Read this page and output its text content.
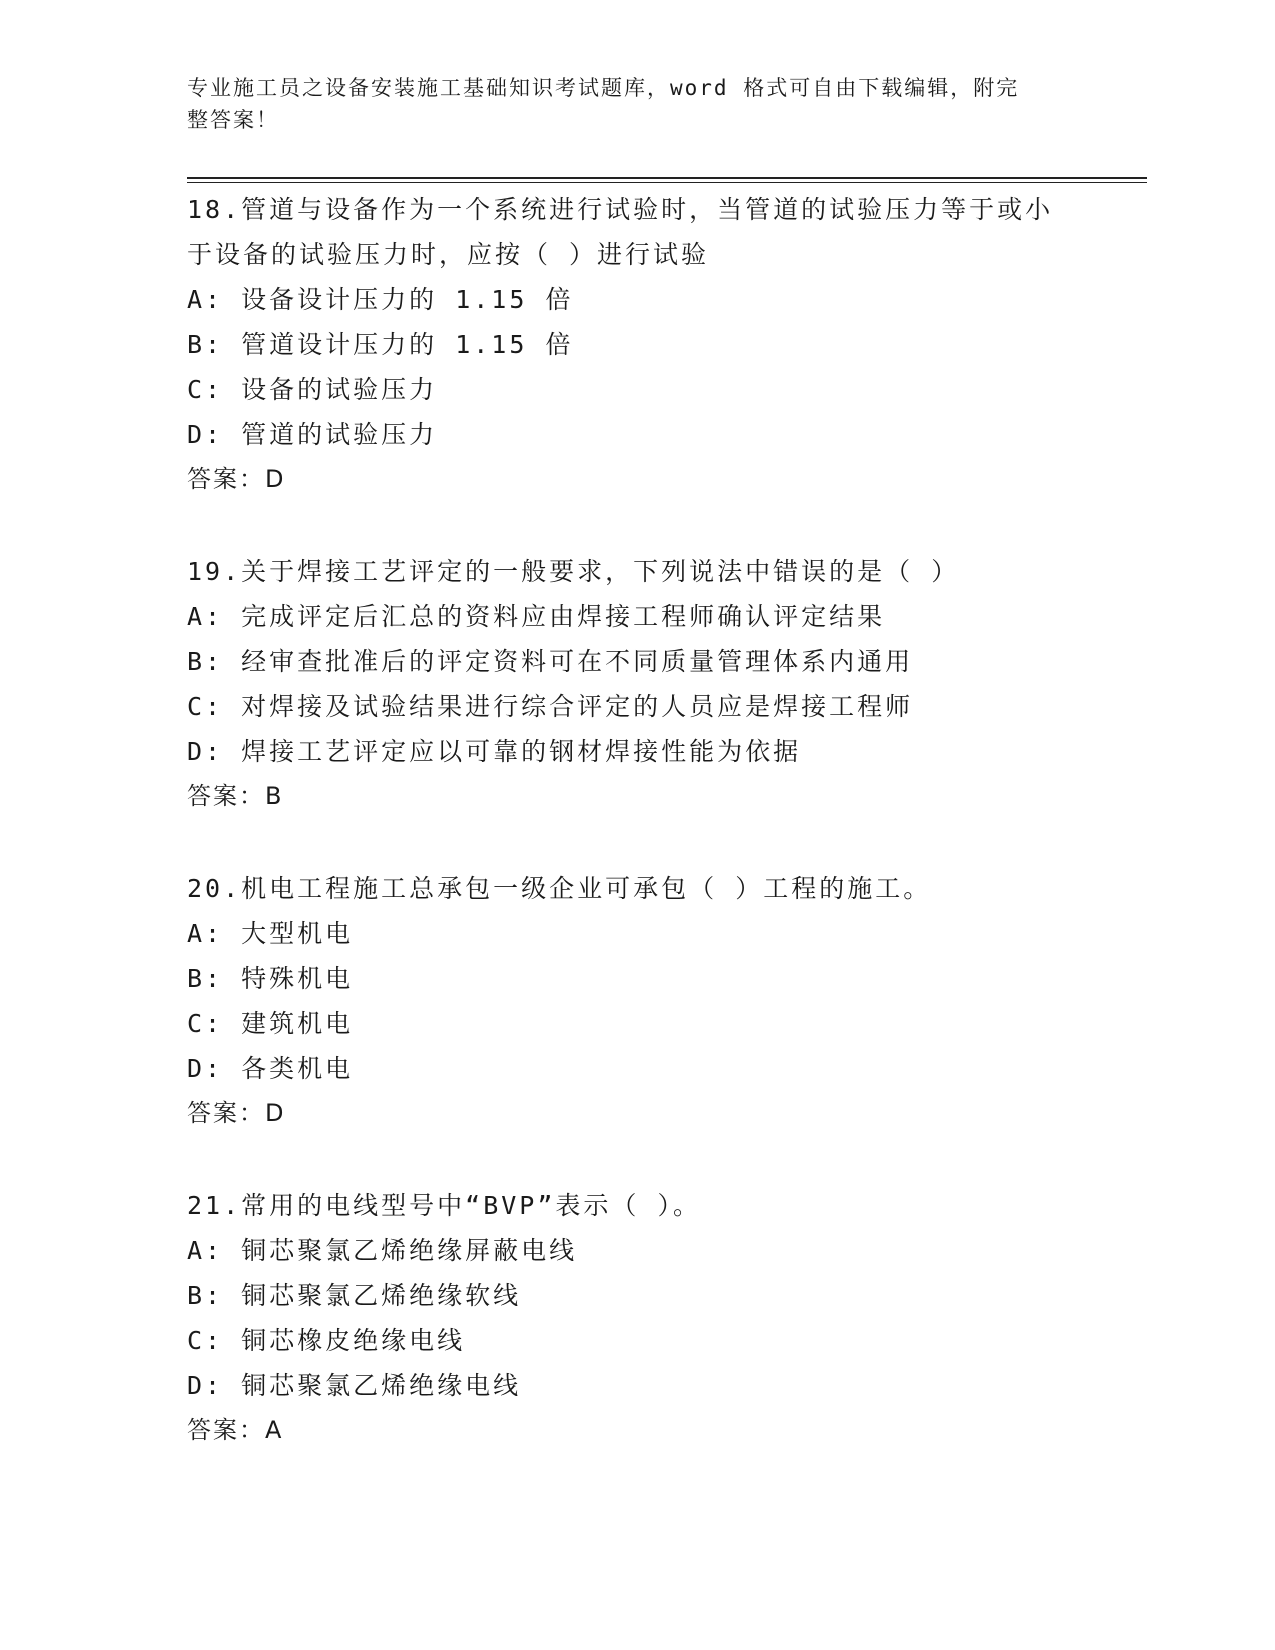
专业施工员之设备安装施工基础知识考试题库，word 格式可自由下载编辑，附完
整答案！
18.管道与设备作为一个系统进行试验时，当管道的试验压力等于或小
于设备的试验压力时，应按（ ）进行试验
A: 设备设计压力的 1.15 倍
B: 管道设计压力的 1.15 倍
C: 设备的试验压力
D: 管道的试验压力
答案：D
19.关于焊接工艺评定的一般要求，下列说法中错误的是（ ）
A: 完成评定后汇总的资料应由焊接工程师确认评定结果
B: 经审查批准后的评定资料可在不同质量管理体系内通用
C: 对焊接及试验结果进行综合评定的人员应是焊接工程师
D: 焊接工艺评定应以可靠的钢材焊接性能为依据
答案：B
20.机电工程施工总承包一级企业可承包（ ）工程的施工。
A: 大型机电
B: 特殊机电
C: 建筑机电
D: 各类机电
答案：D
21.常用的电线型号中“BVP”表示（ ）。
A: 铜芯聚氯乙烯绝缘屏蔽电线
B: 铜芯聚氯乙烯绝缘软线
C: 铜芯橡皮绝缘电线
D: 铜芯聚氯乙烯绝缘电线
答案：A
